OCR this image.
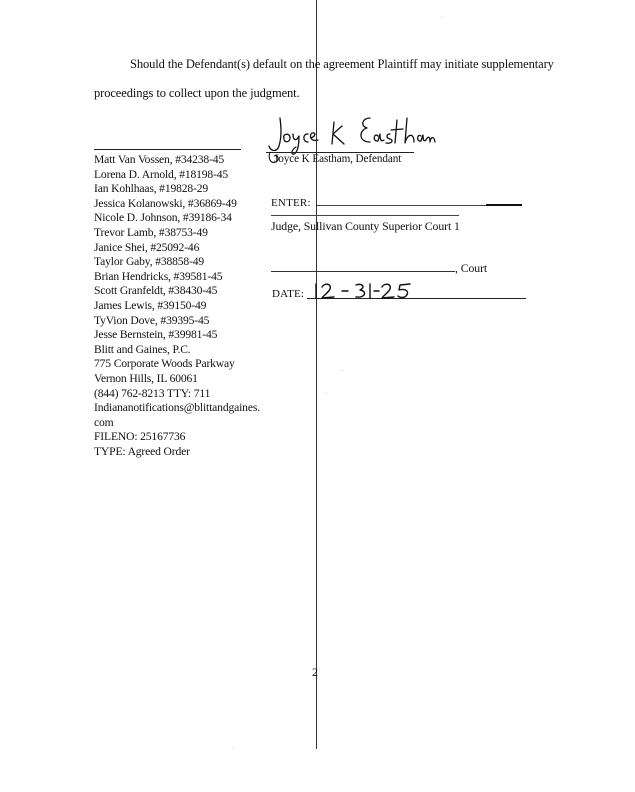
Should the Defendant(s) default on the agreement Plaintiff may initiate supplementary
proceedings to collect upon the judgment.
Matt Van Vossen, #34238-45
Lorena D. Arnold, #18198-45
Ian Kohlhaas, #19828-29
Jessica Kolanowski, #36869-49
Nicole D. Johnson, #39186-34
Trevor Lamb, #38753-49
Janice Shei, #25092-46
Taylor Gaby, #38858-49
Brian Hendricks, #39581-45
Scott Granfeldt, #38430-45
James Lewis, #39150-49
TyVion Dove, #39395-45
Jesse Bernstein, #39981-45
Blitt and Gaines, P.C.
775 Corporate Woods Parkway
Vernon Hills, IL 60061
(844) 762-8213 TTY: 711
Indiananotifications@blittandgaines.
com
FILENO: 25167736
TYPE: Agreed Order
Joyce K Eastham, Defendant
ENTER:
Judge, Sullivan County Superior Court 1
, Court
DATE:
2
